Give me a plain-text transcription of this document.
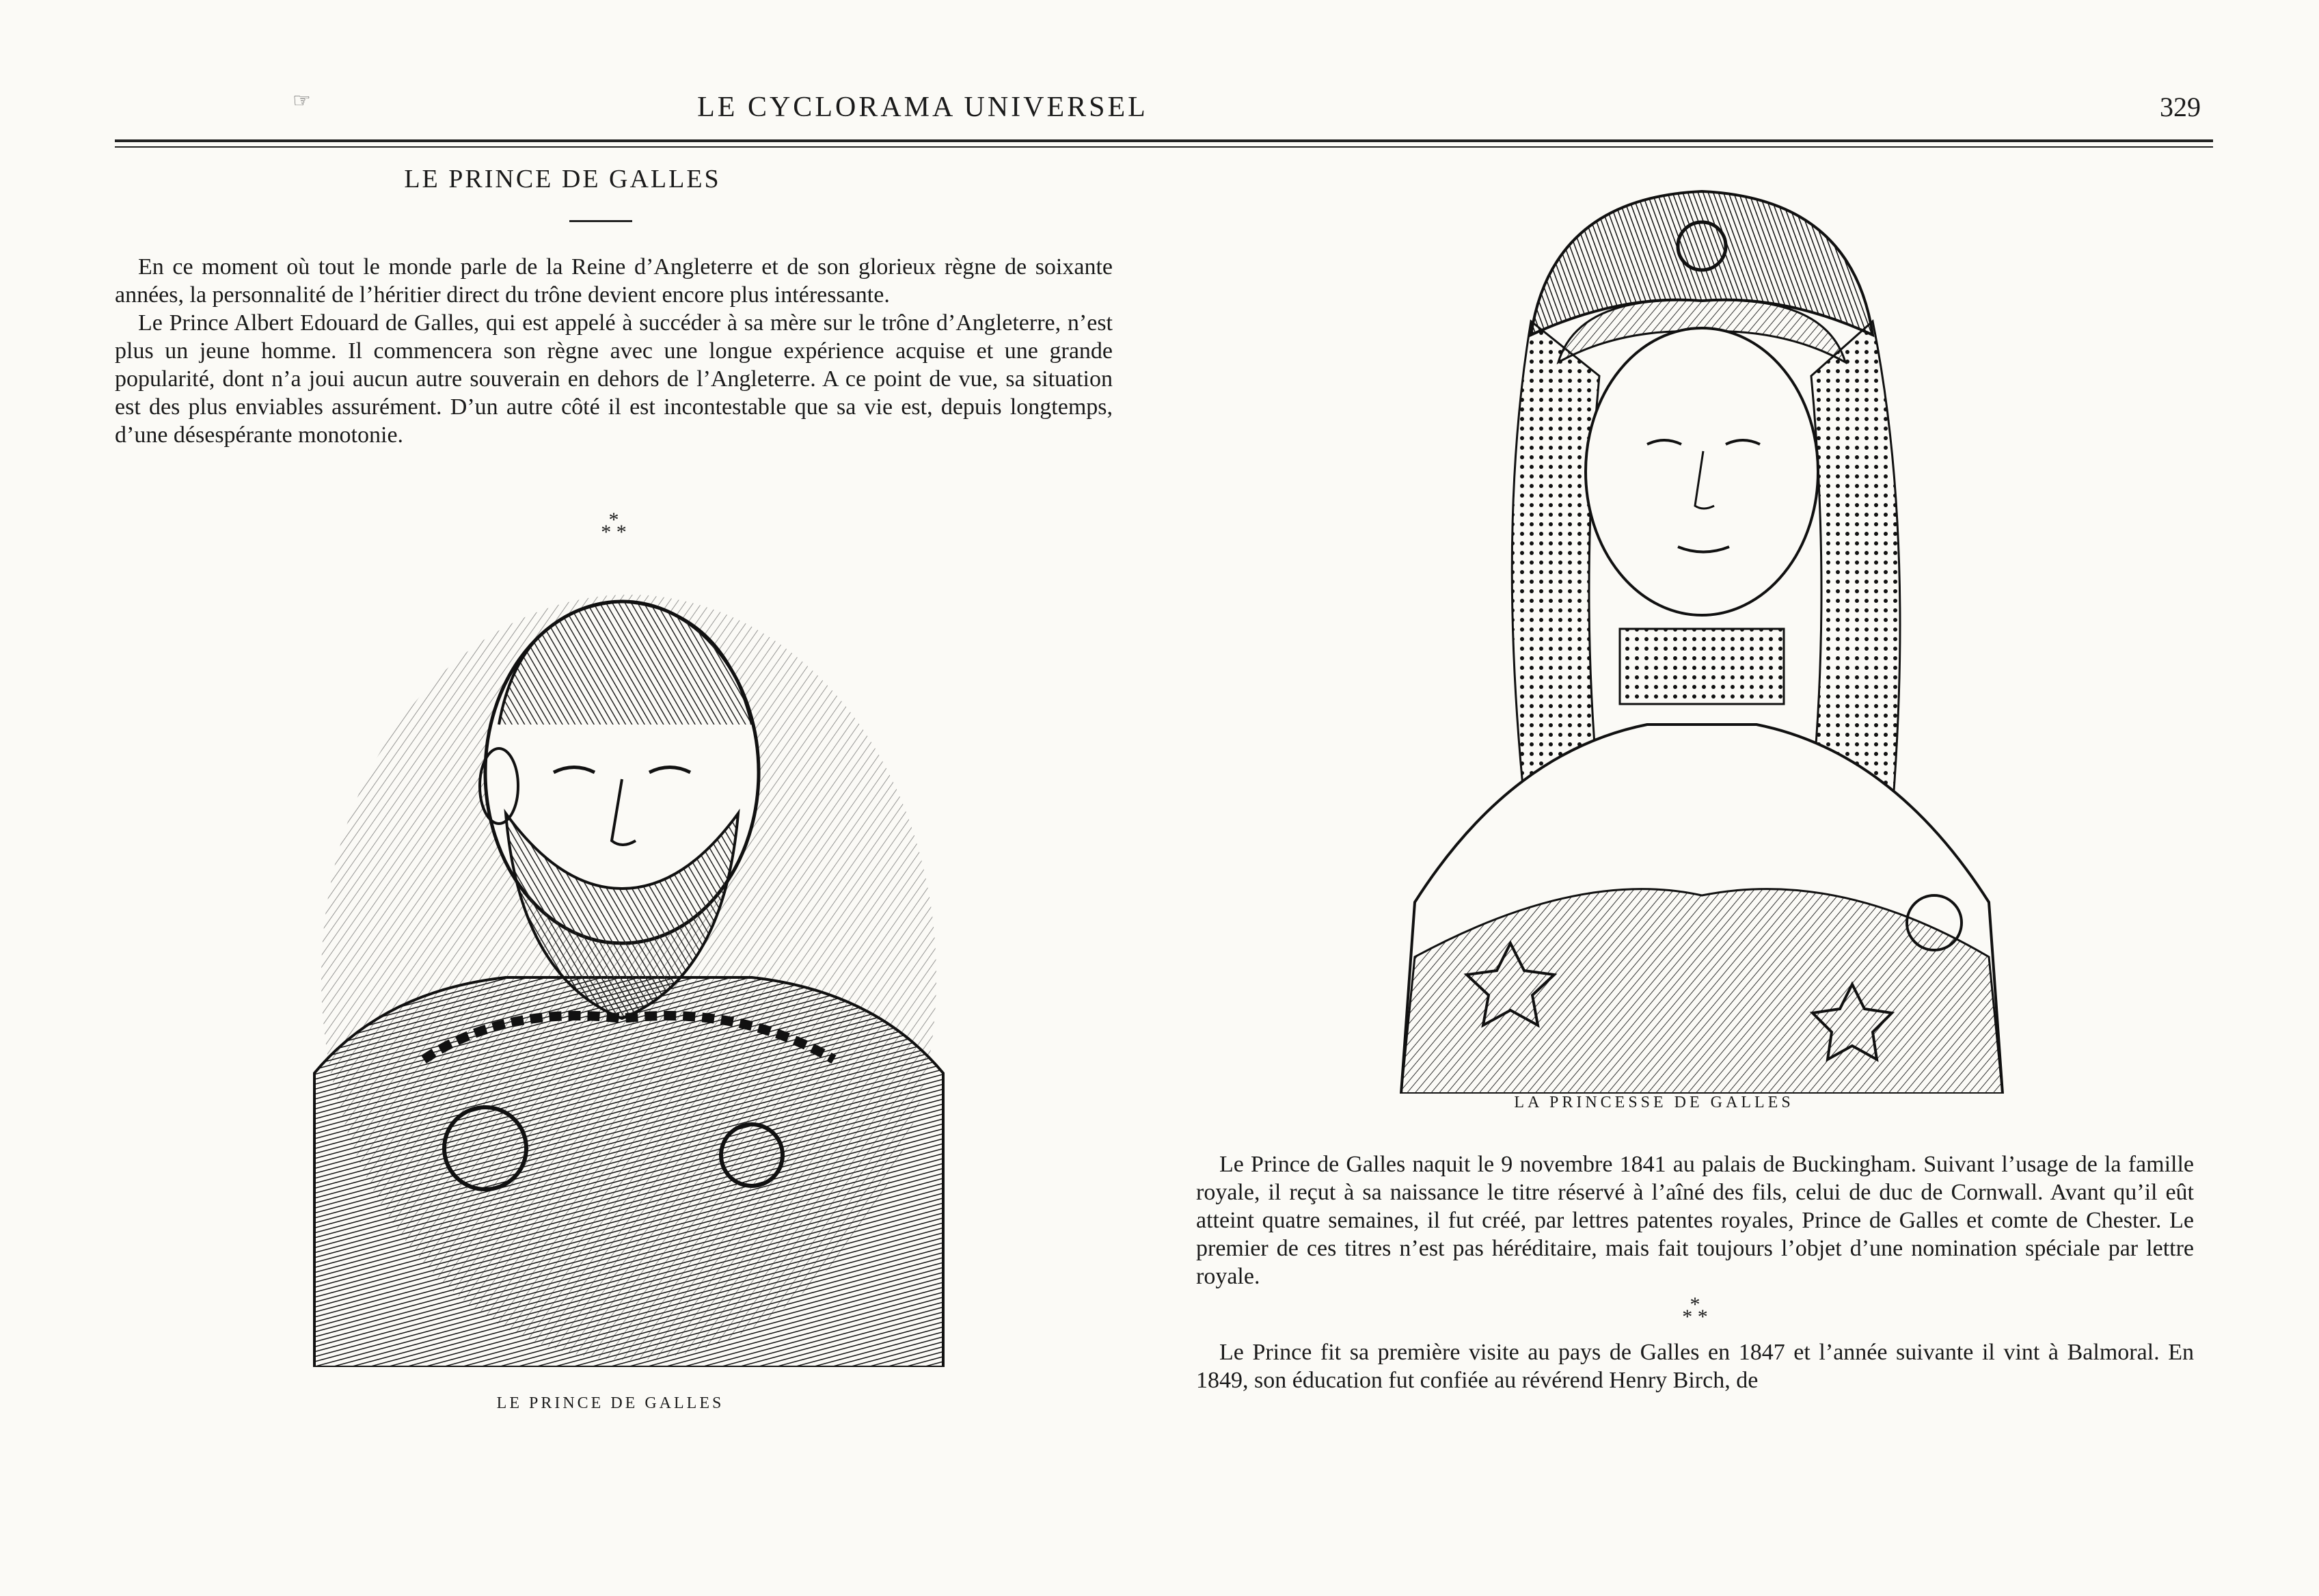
☞	LE CYCLORAMA UNIVERSEL	329
LE PRINCE DE GALLES

En ce moment où tout le monde parle de la Reine d’Angleterre et de son glorieux règne de soixante années, la personnalité de l’héritier direct du trône devient encore plus intéressante.

Le Prince Albert Edouard de Galles, qui est appelé à succéder à sa mère sur le trône d’Angleterre, n’est plus un jeune homme. Il commencera son règne avec une longue expérience acquise et une grande popularité, dont n’a joui aucun autre souverain en dehors de l’Angleterre. A ce point de vue, sa situation est des plus enviables assurément. D’un autre côté il est incontestable que sa vie est, depuis longtemps, d’une désespérante monotonie.

*
* *
LE PRINCE DE GALLES
LA PRINCESSE DE GALLES

Le Prince de Galles naquit le 9 novembre 1841 au palais de Buckingham. Suivant l’usage de la famille royale, il reçut à sa naissance le titre réservé à l’aîné des fils, celui de duc de Cornwall. Avant qu’il eût atteint quatre semaines, il fut créé, par lettres patentes royales, Prince de Galles et comte de Chester. Le premier de ces titres n’est pas héréditaire, mais fait toujours l’objet d’une nomination spéciale par lettre royale.

*
* *

Le Prince fit sa première visite au pays de Galles en 1847 et l’année suivante il vint à Balmoral. En 1849, son éducation fut confiée au révérend Henry Birch, de
